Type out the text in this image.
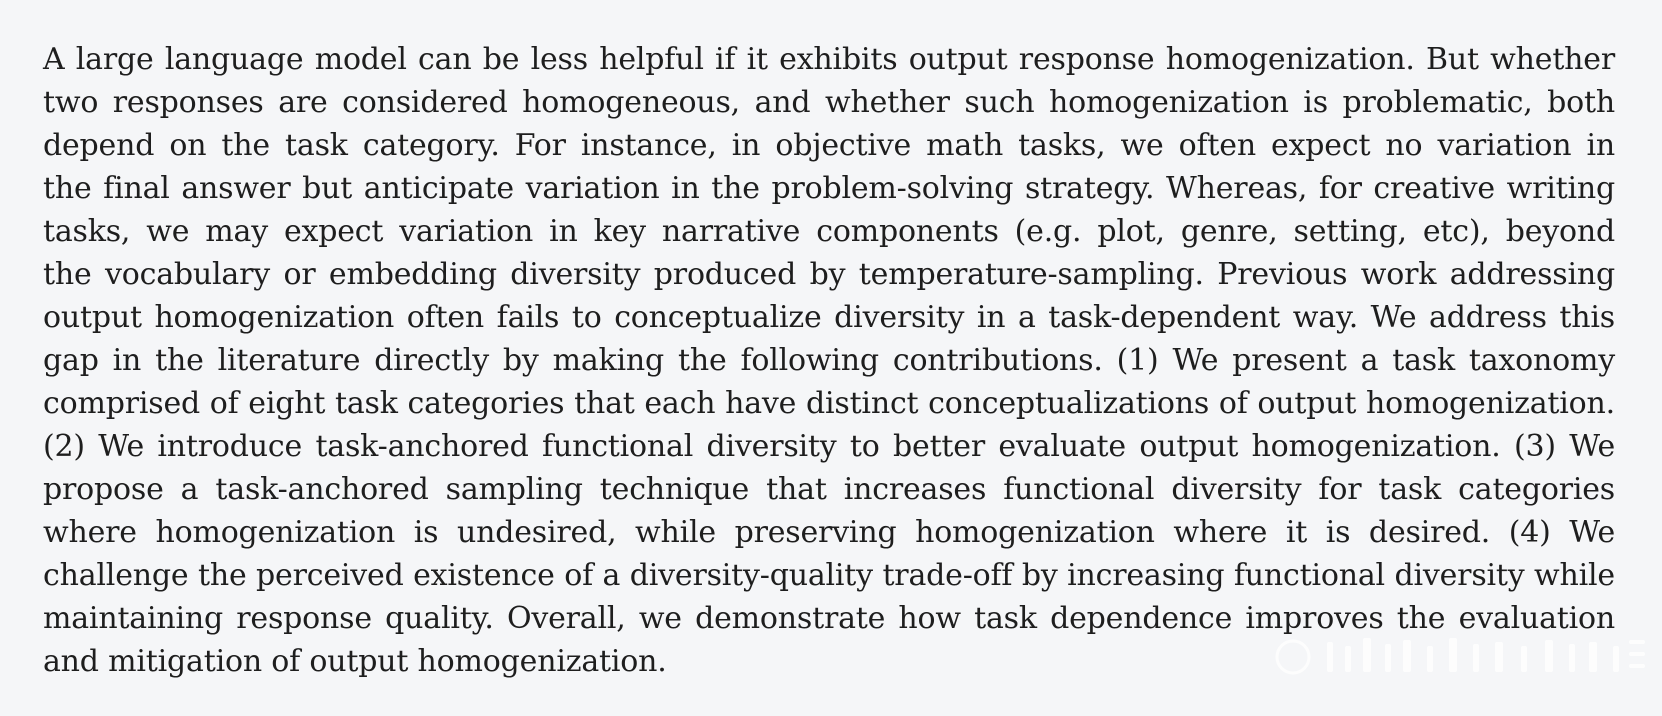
A large language model can be less helpful if it exhibits output response homogenization. But whether
two responses are considered homogeneous, and whether such homogenization is problematic, both
depend on the task category. For instance, in objective math tasks, we often expect no variation in
the final answer but anticipate variation in the problem-solving strategy. Whereas, for creative writing
tasks, we may expect variation in key narrative components (e.g. plot, genre, setting, etc), beyond
the vocabulary or embedding diversity produced by temperature-sampling. Previous work addressing
output homogenization often fails to conceptualize diversity in a task-dependent way. We address this
gap in the literature directly by making the following contributions. (1) We present a task taxonomy
comprised of eight task categories that each have distinct conceptualizations of output homogenization.
(2) We introduce task-anchored functional diversity to better evaluate output homogenization. (3) We
propose a task-anchored sampling technique that increases functional diversity for task categories
where homogenization is undesired, while preserving homogenization where it is desired. (4) We
challenge the perceived existence of a diversity-quality trade-off by increasing functional diversity while
maintaining response quality. Overall, we demonstrate how task dependence improves the evaluation
and mitigation of output homogenization.
